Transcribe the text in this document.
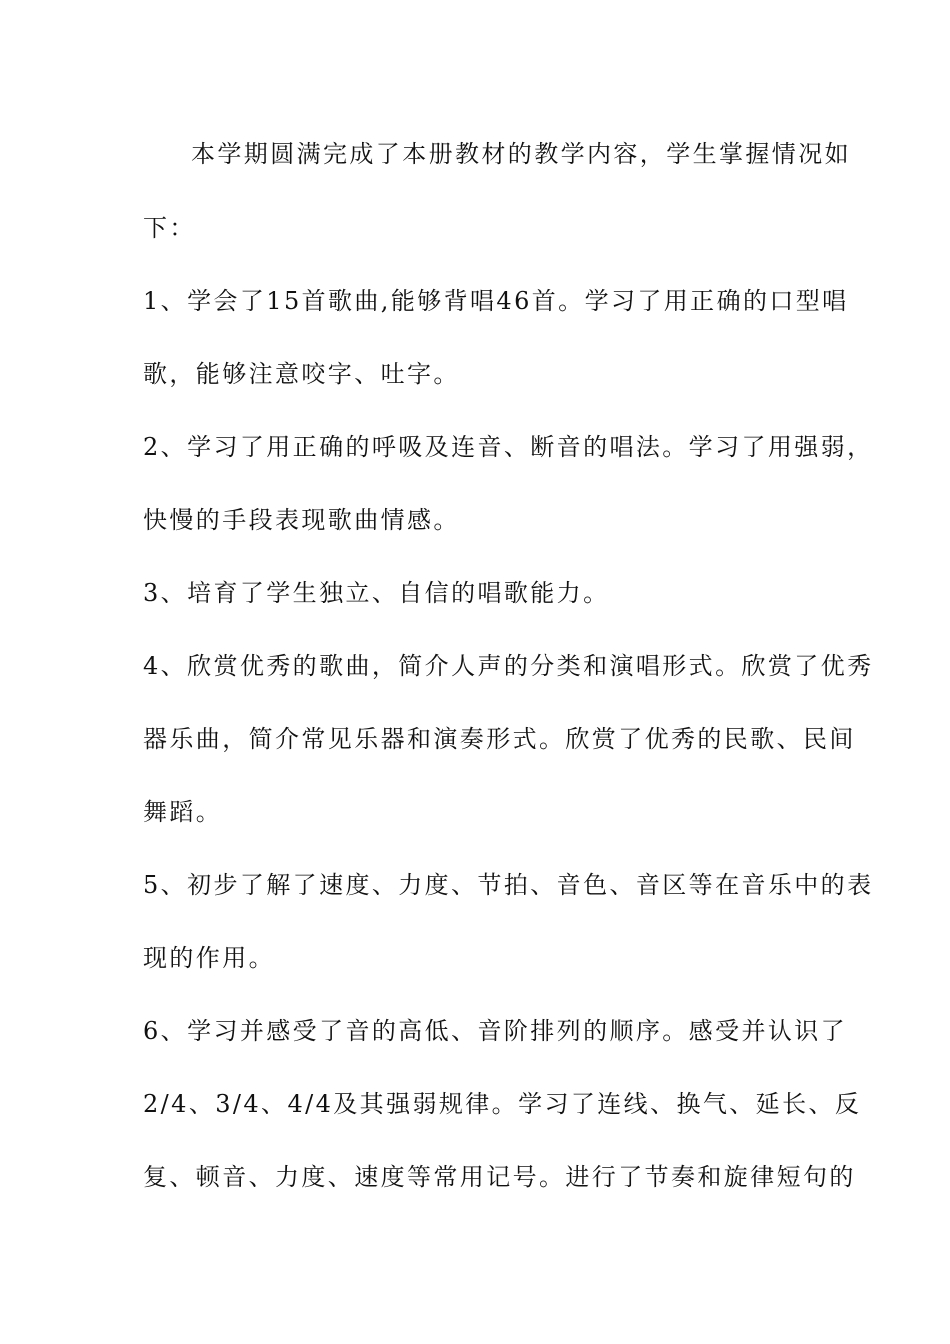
本学期圆满完成了本册教材的教学内容，学生掌握情况如
下：
1、学会了15首歌曲,能够背唱46首。学习了用正确的口型唱
歌，能够注意咬字、吐字。
2、学习了用正确的呼吸及连音、断音的唱法。学习了用强弱，
快慢的手段表现歌曲情感。
3、培育了学生独立、自信的唱歌能力。
4、欣赏优秀的歌曲，简介人声的分类和演唱形式。欣赏了优秀
器乐曲，简介常见乐器和演奏形式。欣赏了优秀的民歌、民间
舞蹈。
5、初步了解了速度、力度、节拍、音色、音区等在音乐中的表
现的作用。
6、学习并感受了音的高低、音阶排列的顺序。感受并认识了
2/4、3/4、4/4及其强弱规律。学习了连线、换气、延长、反
复、顿音、力度、速度等常用记号。进行了节奏和旋律短句的
